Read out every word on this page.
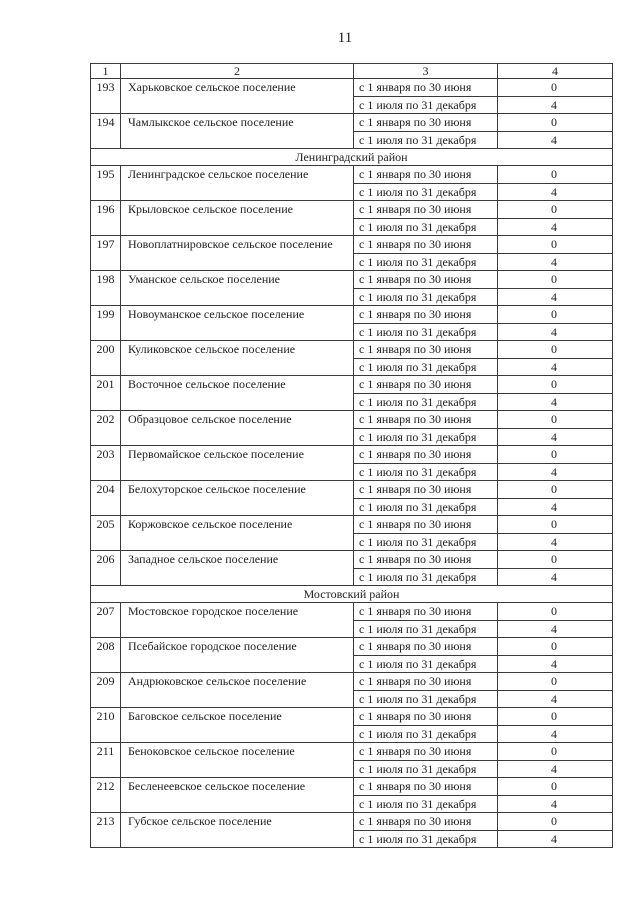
11
1	2	3	4
193	Харьковское сельское поселение	с 1 января по 30 июня	0
		с 1 июля по 31 декабря	4
194	Чамлыкское сельское поселение	с 1 января по 30 июня	0
		с 1 июля по 31 декабря	4
Ленинградский район			
195	Ленинградское сельское поселение	с 1 января по 30 июня	0
		с 1 июля по 31 декабря	4
196	Крыловское сельское поселение	с 1 января по 30 июня	0
		с 1 июля по 31 декабря	4
197	Новоплатнировское сельское поселение	с 1 января по 30 июня	0
		с 1 июля по 31 декабря	4
198	Уманское сельское поселение	с 1 января по 30 июня	0
		с 1 июля по 31 декабря	4
199	Новоуманское сельское поселение	с 1 января по 30 июня	0
		с 1 июля по 31 декабря	4
200	Куликовское сельское поселение	с 1 января по 30 июня	0
		с 1 июля по 31 декабря	4
201	Восточное сельское поселение	с 1 января по 30 июня	0
		с 1 июля по 31 декабря	4
202	Образцовое сельское поселение	с 1 января по 30 июня	0
		с 1 июля по 31 декабря	4
203	Первомайское сельское поселение	с 1 января по 30 июня	0
		с 1 июля по 31 декабря	4
204	Белохуторское сельское поселение	с 1 января по 30 июня	0
		с 1 июля по 31 декабря	4
205	Коржовское сельское поселение	с 1 января по 30 июня	0
		с 1 июля по 31 декабря	4
206	Западное сельское поселение	с 1 января по 30 июня	0
		с 1 июля по 31 декабря	4
Мостовский район			
207	Мостовское городское поселение	с 1 января по 30 июня	0
		с 1 июля по 31 декабря	4
208	Псебайское городское поселение	с 1 января по 30 июня	0
		с 1 июля по 31 декабря	4
209	Андрюковское сельское поселение	с 1 января по 30 июня	0
		с 1 июля по 31 декабря	4
210	Баговское сельское поселение	с 1 января по 30 июня	0
		с 1 июля по 31 декабря	4
211	Беноковское сельское поселение	с 1 января по 30 июня	0
		с 1 июля по 31 декабря	4
212	Бесленеевское сельское поселение	с 1 января по 30 июня	0
		с 1 июля по 31 декабря	4
213	Губское сельское поселение	с 1 января по 30 июня	0
		с 1 июля по 31 декабря	4
